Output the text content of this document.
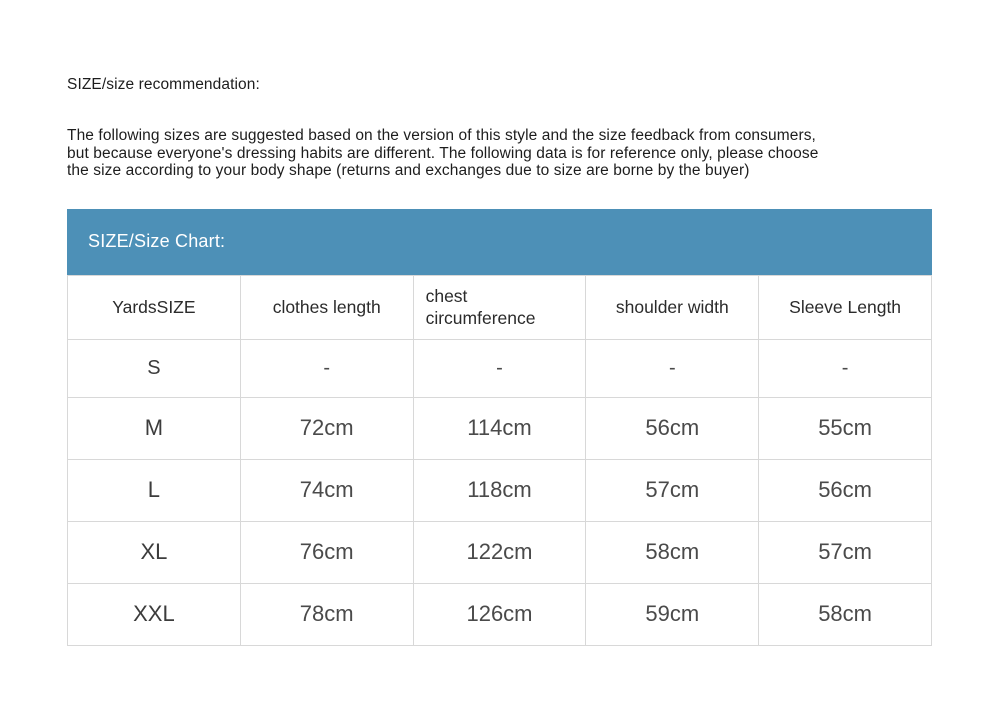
SIZE/size recommendation:

The following sizes are suggested based on the version of this style and the size feedback from consumers,
but because everyone's dressing habits are different. The following data is for reference only, please choose
the size according to your body shape (returns and exchanges due to size are borne by the buyer)
SIZE/Size Chart:
YardsSIZE	clothes length	chest circumference	shoulder width	Sleeve Length
S	-	-	-	-
M	72cm	114cm	56cm	55cm
L	74cm	118cm	57cm	56cm
XL	76cm	122cm	58cm	57cm
XXL	78cm	126cm	59cm	58cm
